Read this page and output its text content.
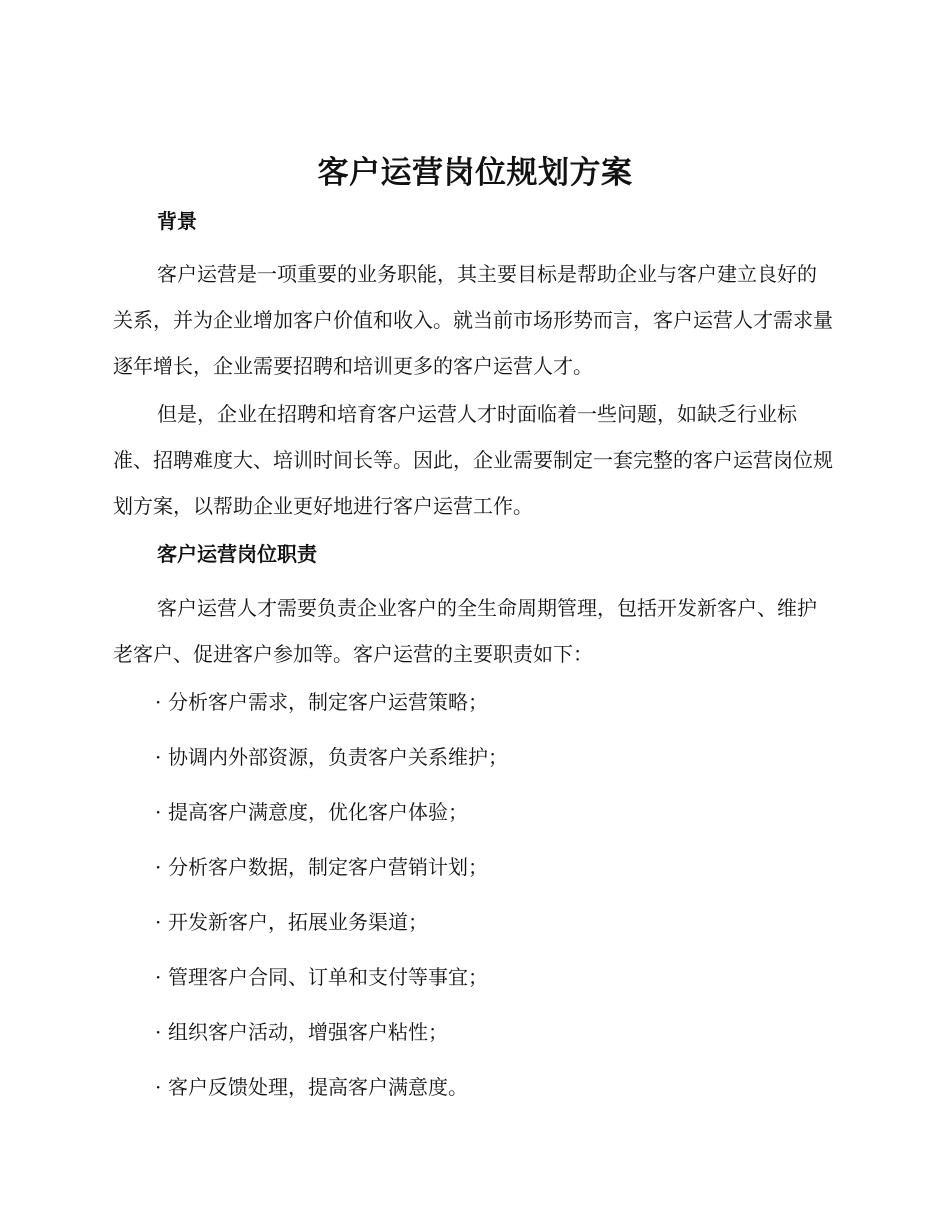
客户运营岗位规划方案
背景

客户运营是一项重要的业务职能，其主要目标是帮助企业与客户建立良好的关系，并为企业增加客户价值和收入。就当前市场形势而言，客户运营人才需求量逐年增长，企业需要招聘和培训更多的客户运营人才。

但是，企业在招聘和培育客户运营人才时面临着一些问题，如缺乏行业标准、招聘难度大、培训时间长等。因此，企业需要制定一套完整的客户运营岗位规划方案，以帮助企业更好地进行客户运营工作。

客户运营岗位职责

客户运营人才需要负责企业客户的全生命周期管理，包括开发新客户、维护老客户、促进客户参加等。客户运营的主要职责如下：

· 分析客户需求，制定客户运营策略；
· 协调内外部资源，负责客户关系维护；
· 提高客户满意度，优化客户体验；
· 分析客户数据，制定客户营销计划；
· 开发新客户，拓展业务渠道；
· 管理客户合同、订单和支付等事宜；
· 组织客户活动，增强客户粘性；
· 客户反馈处理，提高客户满意度。
